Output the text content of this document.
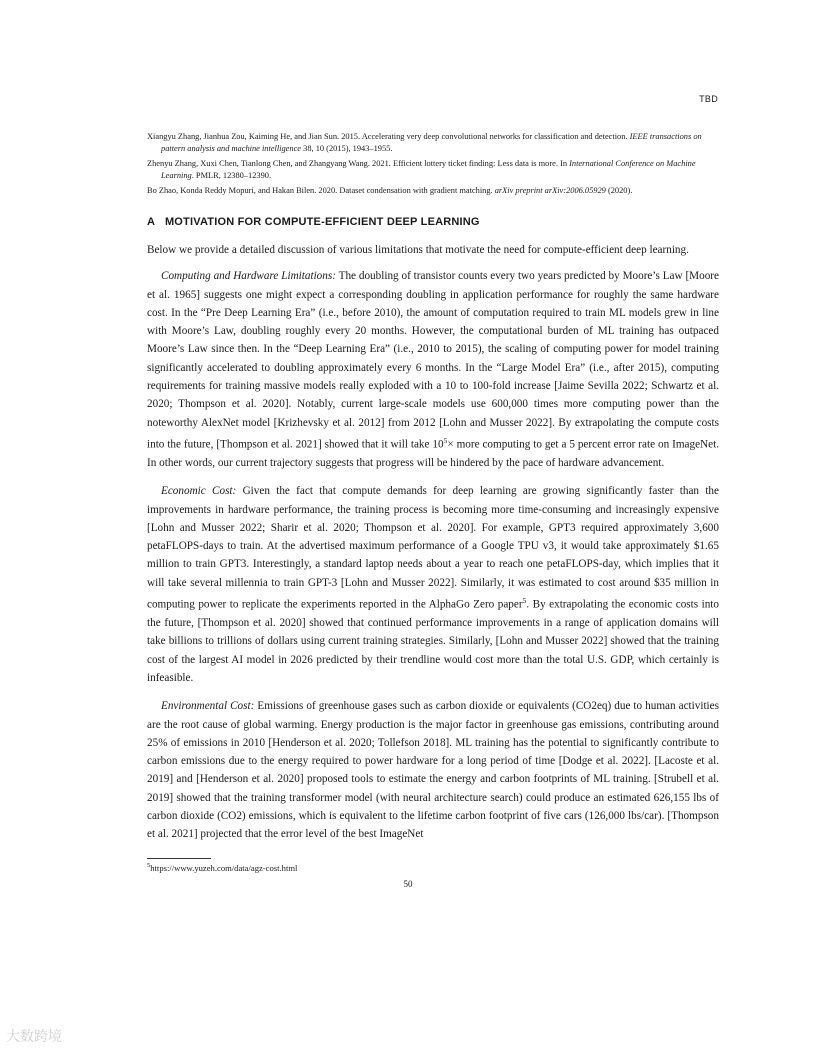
TBD
Xiangyu Zhang, Jianhua Zou, Kaiming He, and Jian Sun. 2015. Accelerating very deep convolutional networks for classification and detection. IEEE transactions on pattern analysis and machine intelligence 38, 10 (2015), 1943–1955.
Zhenyu Zhang, Xuxi Chen, Tianlong Chen, and Zhangyang Wang. 2021. Efficient lottery ticket finding: Less data is more. In International Conference on Machine Learning. PMLR, 12380–12390.
Bo Zhao, Konda Reddy Mopuri, and Hakan Bilen. 2020. Dataset condensation with gradient matching. arXiv preprint arXiv:2006.05929 (2020).
A MOTIVATION FOR COMPUTE-EFFICIENT DEEP LEARNING

Below we provide a detailed discussion of various limitations that motivate the need for compute-efficient deep learning.

Computing and Hardware Limitations: The doubling of transistor counts every two years predicted by Moore’s Law [Moore et al. 1965] suggests one might expect a corresponding doubling in application performance for roughly the same hardware cost. In the “Pre Deep Learning Era” (i.e., before 2010), the amount of computation required to train ML models grew in line with Moore’s Law, doubling roughly every 20 months. However, the computational burden of ML training has outpaced Moore’s Law since then. In the “Deep Learning Era” (i.e., 2010 to 2015), the scaling of computing power for model training significantly accelerated to doubling approximately every 6 months. In the “Large Model Era” (i.e., after 2015), computing requirements for training massive models really exploded with a 10 to 100-fold increase [Jaime Sevilla 2022; Schwartz et al. 2020; Thompson et al. 2020]. Notably, current large-scale models use 600,000 times more computing power than the noteworthy AlexNet model [Krizhevsky et al. 2012] from 2012 [Lohn and Musser 2022]. By extrapolating the compute costs into the future, [Thompson et al. 2021] showed that it will take $10^5\times$ more computing to get a 5 percent error rate on ImageNet. In other words, our current trajectory suggests that progress will be hindered by the pace of hardware advancement.

Economic Cost: Given the fact that compute demands for deep learning are growing significantly faster than the improvements in hardware performance, the training process is becoming more time-consuming and increasingly expensive [Lohn and Musser 2022; Sharir et al. 2020; Thompson et al. 2020]. For example, GPT3 required approximately 3,600 petaFLOPS-days to train. At the advertised maximum performance of a Google TPU v3, it would take approximately $1.65 million to train GPT3. Interestingly, a standard laptop needs about a year to reach one petaFLOPS-day, which implies that it will take several millennia to train GPT-3 [Lohn and Musser 2022]. Similarly, it was estimated to cost around $35 million in computing power to replicate the experiments reported in the AlphaGo Zero paper$^5$. By extrapolating the economic costs into the future, [Thompson et al. 2020] showed that continued performance improvements in a range of application domains will take billions to trillions of dollars using current training strategies. Similarly, [Lohn and Musser 2022] showed that the training cost of the largest AI model in 2026 predicted by their trendline would cost more than the total U.S. GDP, which certainly is infeasible.

Environmental Cost: Emissions of greenhouse gases such as carbon dioxide or equivalents (CO2eq) due to human activities are the root cause of global warming. Energy production is the major factor in greenhouse gas emissions, contributing around 25% of emissions in 2010 [Henderson et al. 2020; Tollefson 2018]. ML training has the potential to significantly contribute to carbon emissions due to the energy required to power hardware for a long period of time [Dodge et al. 2022]. [Lacoste et al. 2019] and [Henderson et al. 2020] proposed tools to estimate the energy and carbon footprints of ML training. [Strubell et al. 2019] showed that the training transformer model (with neural architecture search) could produce an estimated 626,155 lbs of carbon dioxide (CO2) emissions, which is equivalent to the lifetime carbon footprint of five cars (126,000 lbs/car). [Thompson et al. 2021] projected that the error level of the best ImageNet

$^5$https://www.yuzeh.com/data/agz-cost.html
50
大数跨境
